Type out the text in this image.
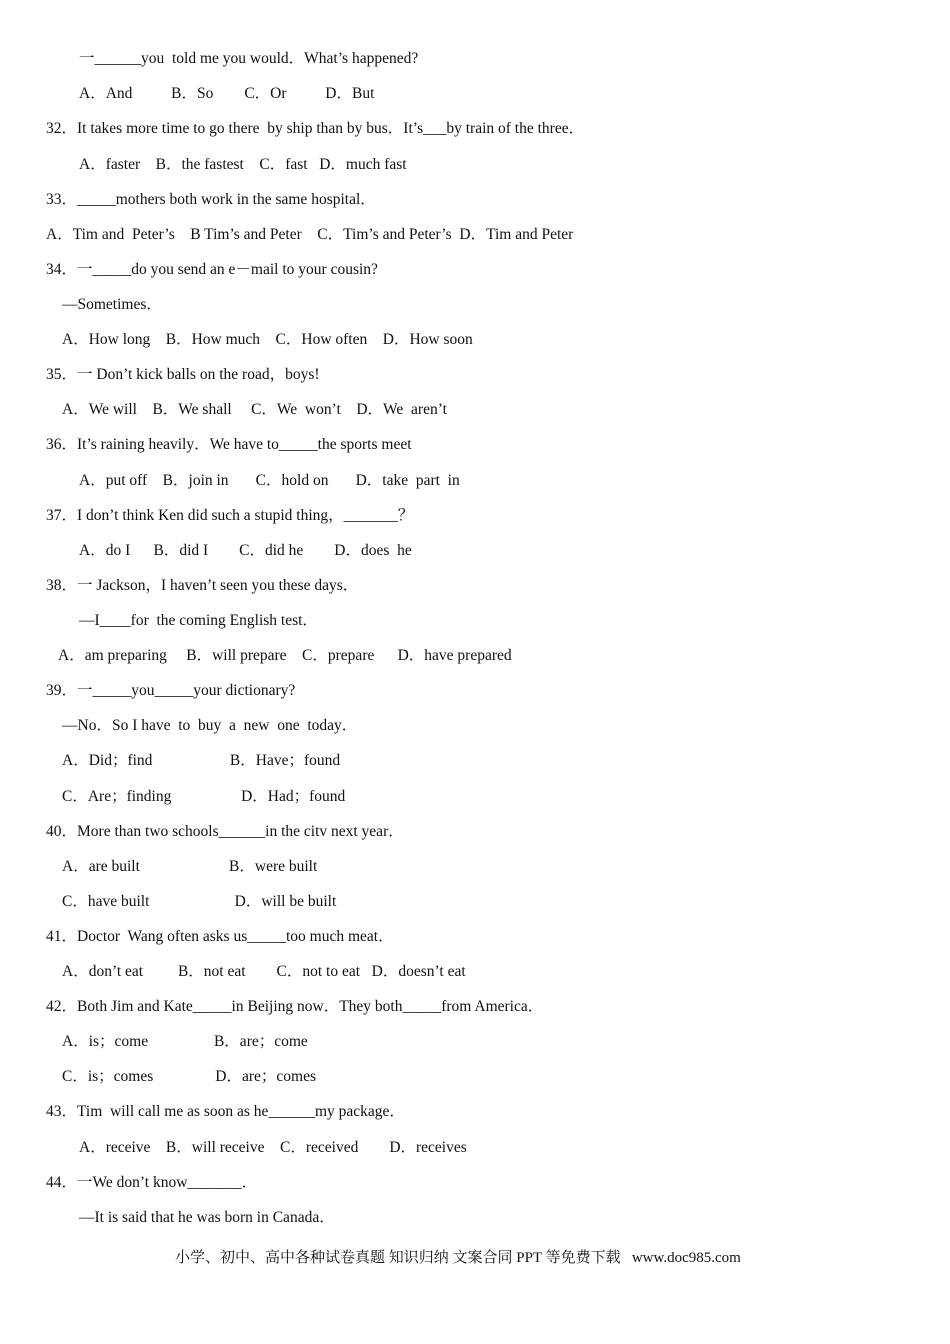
一______you  told me you would．What’s happened?
A．And          B．So        C．Or          D．But
32．It takes more time to go there  by ship than by bus．It’s___by train of the three．
A．faster    B．the fastest    C．fast   D．much fast
33．_____mothers both work in the same hospital．
A．Tim and  Peter’s    B Tim’s and Peter    C．Tim’s and Peter’s  D．Tim and Peter
34．一_____do you send an e－mail to your cousin?
—Sometimes．
A．How long    B．How much    C．How often    D．How soon
35．一 Don’t kick balls on the road，boys!
A．We will    B．We shall     C．We  won’t    D．We  aren’t
36．It’s raining heavily．We have to_____the sports meet
A．put off    B．join in       C．hold on       D．take  part  in
37．I don’t think Ken did such a stupid thing，_______？
A．do I      B．did I        C．did he        D．does  he
38．一 Jackson，I haven’t seen you these days．
—I____for  the coming English test．
A．am preparing     B．will prepare    C．prepare      D．have prepared
39．一_____you_____your dictionary?
—No．So I have  to  buy  a  new  one  today．
A．Did；find                    B．Have；found
C．Are；finding                  D．Had；found
40．More than two schools______in the citv next year．
A．are built                       B．were built
C．have built                      D．will be built
41．Doctor  Wang often asks us_____too much meat．
A．don’t eat         B．not eat        C．not to eat   D．doesn’t eat
42．Both Jim and Kate_____in Beijing now．They both_____from America．
A．is；come                 B．are；come
C．is；comes                D．are；comes
43．Tim  will call me as soon as he______my package．
A．receive    B．will receive    C．received        D．receives
44．一We don’t know_______．
—It is said that he was born in Canada．
小学、初中、高中各种试卷真题 知识归纳 文案合同 PPT 等免费下载   www.doc985.com
